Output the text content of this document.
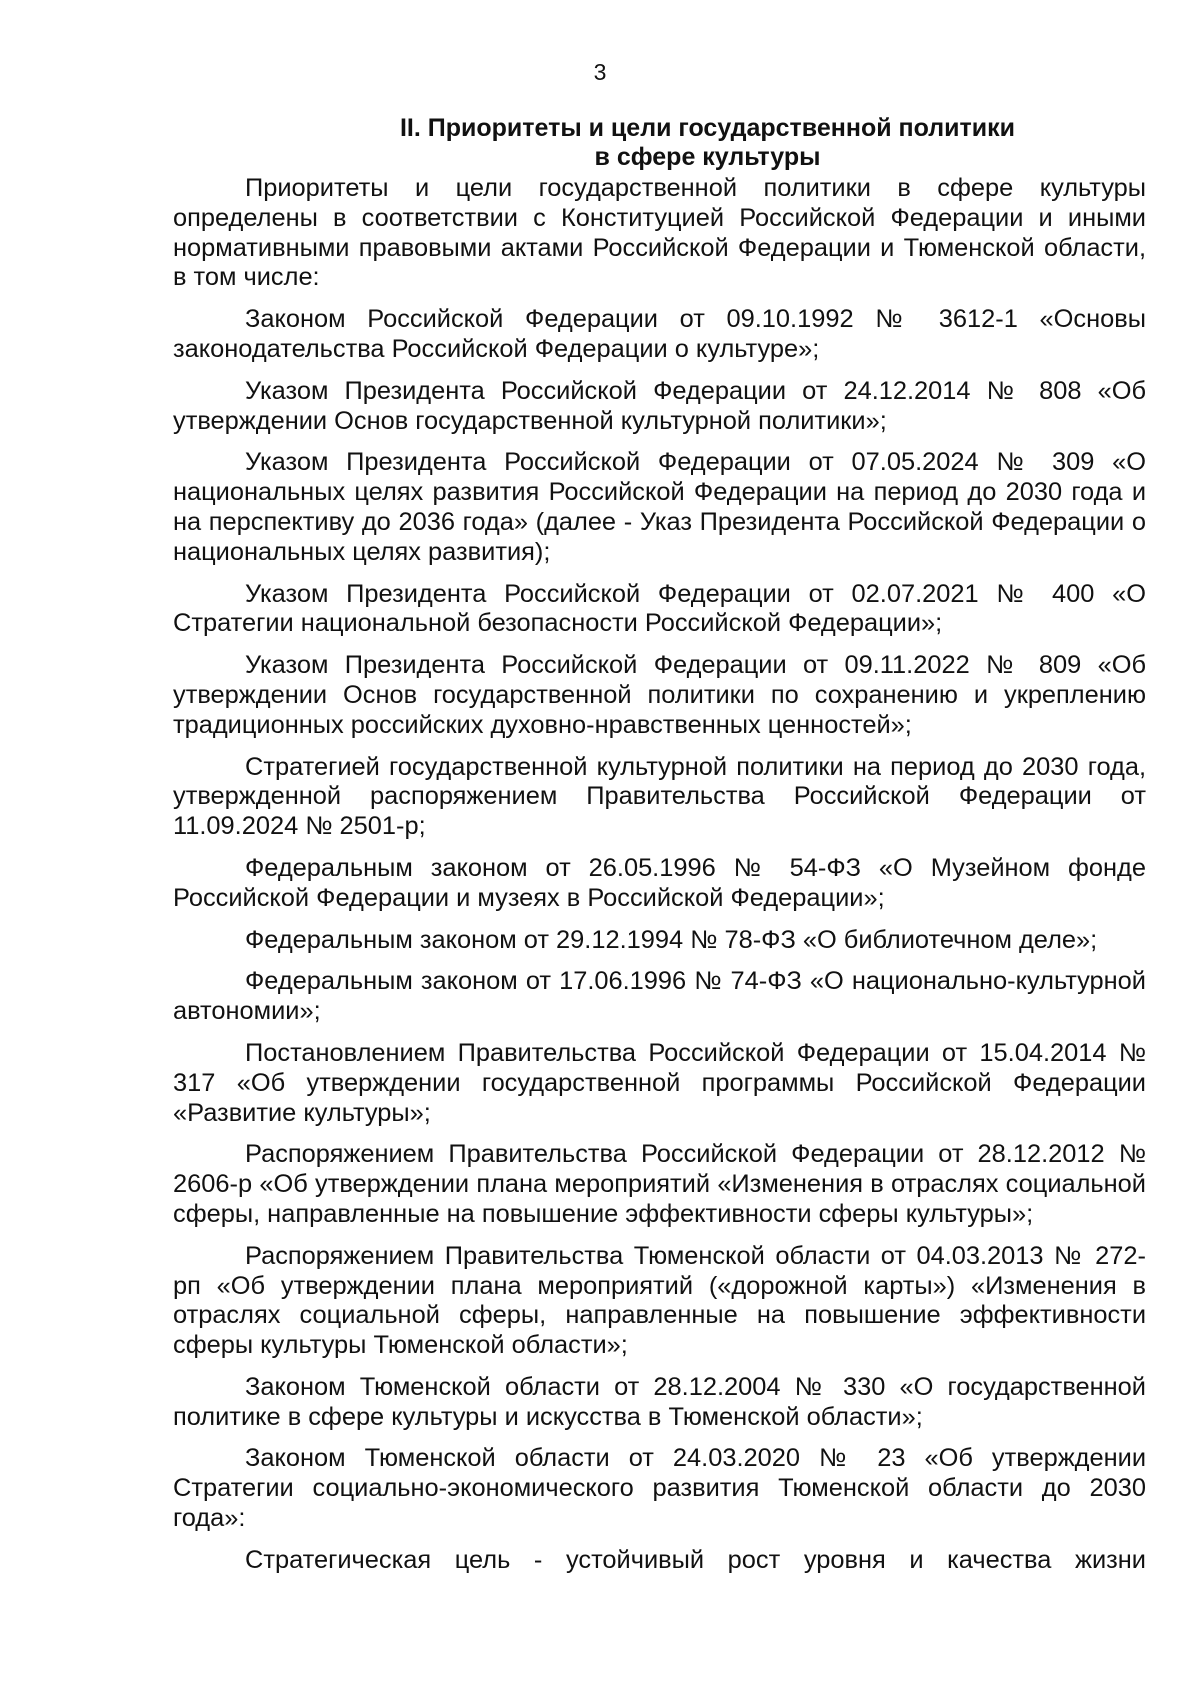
3
II. Приоритеты и цели государственной политики
в сфере культуры

Приоритеты и цели государственной политики в сфере культуры определены в соответствии с Конституцией Российской Федерации и иными нормативными правовыми актами Российской Федерации и Тюменской области, в том числе:

Законом Российской Федерации от 09.10.1992 № 3612-1 «Основы законодательства Российской Федерации о культуре»;

Указом Президента Российской Федерации от 24.12.2014 № 808 «Об утверждении Основ государственной культурной политики»;

Указом Президента Российской Федерации от 07.05.2024 № 309 «О национальных целях развития Российской Федерации на период до 2030 года и на перспективу до 2036 года» (далее - Указ Президента Российской Федерации о национальных целях развития);

Указом Президента Российской Федерации от 02.07.2021 № 400 «О Стратегии национальной безопасности Российской Федерации»;

Указом Президента Российской Федерации от 09.11.2022 № 809 «Об утверждении Основ государственной политики по сохранению и укреплению традиционных российских духовно-нравственных ценностей»;

Стратегией государственной культурной политики на период до 2030 года, утвержденной распоряжением Правительства Российской Федерации от 11.09.2024 № 2501-р;

Федеральным законом от 26.05.1996 № 54-ФЗ «О Музейном фонде Российской Федерации и музеях в Российской Федерации»;

Федеральным законом от 29.12.1994 № 78-ФЗ «О библиотечном деле»;

Федеральным законом от 17.06.1996 № 74-ФЗ «О национально-культурной автономии»;

Постановлением Правительства Российской Федерации от 15.04.2014 № 317 «Об утверждении государственной программы Российской Федерации «Развитие культуры»;

Распоряжением Правительства Российской Федерации от 28.12.2012 № 2606-р «Об утверждении плана мероприятий «Изменения в отраслях социальной сферы, направленные на повышение эффективности сферы культуры»;

Распоряжением Правительства Тюменской области от 04.03.2013 № 272-рп «Об утверждении плана мероприятий («дорожной карты») «Изменения в отраслях социальной сферы, направленные на повышение эффективности сферы культуры Тюменской области»;

Законом Тюменской области от 28.12.2004 № 330 «О государственной политике в сфере культуры и искусства в Тюменской области»;

Законом Тюменской области от 24.03.2020 № 23 «Об утверждении Стратегии социально-экономического развития Тюменской области до 2030 года»:

Стратегическая цель - устойчивый рост уровня и качества жизни
